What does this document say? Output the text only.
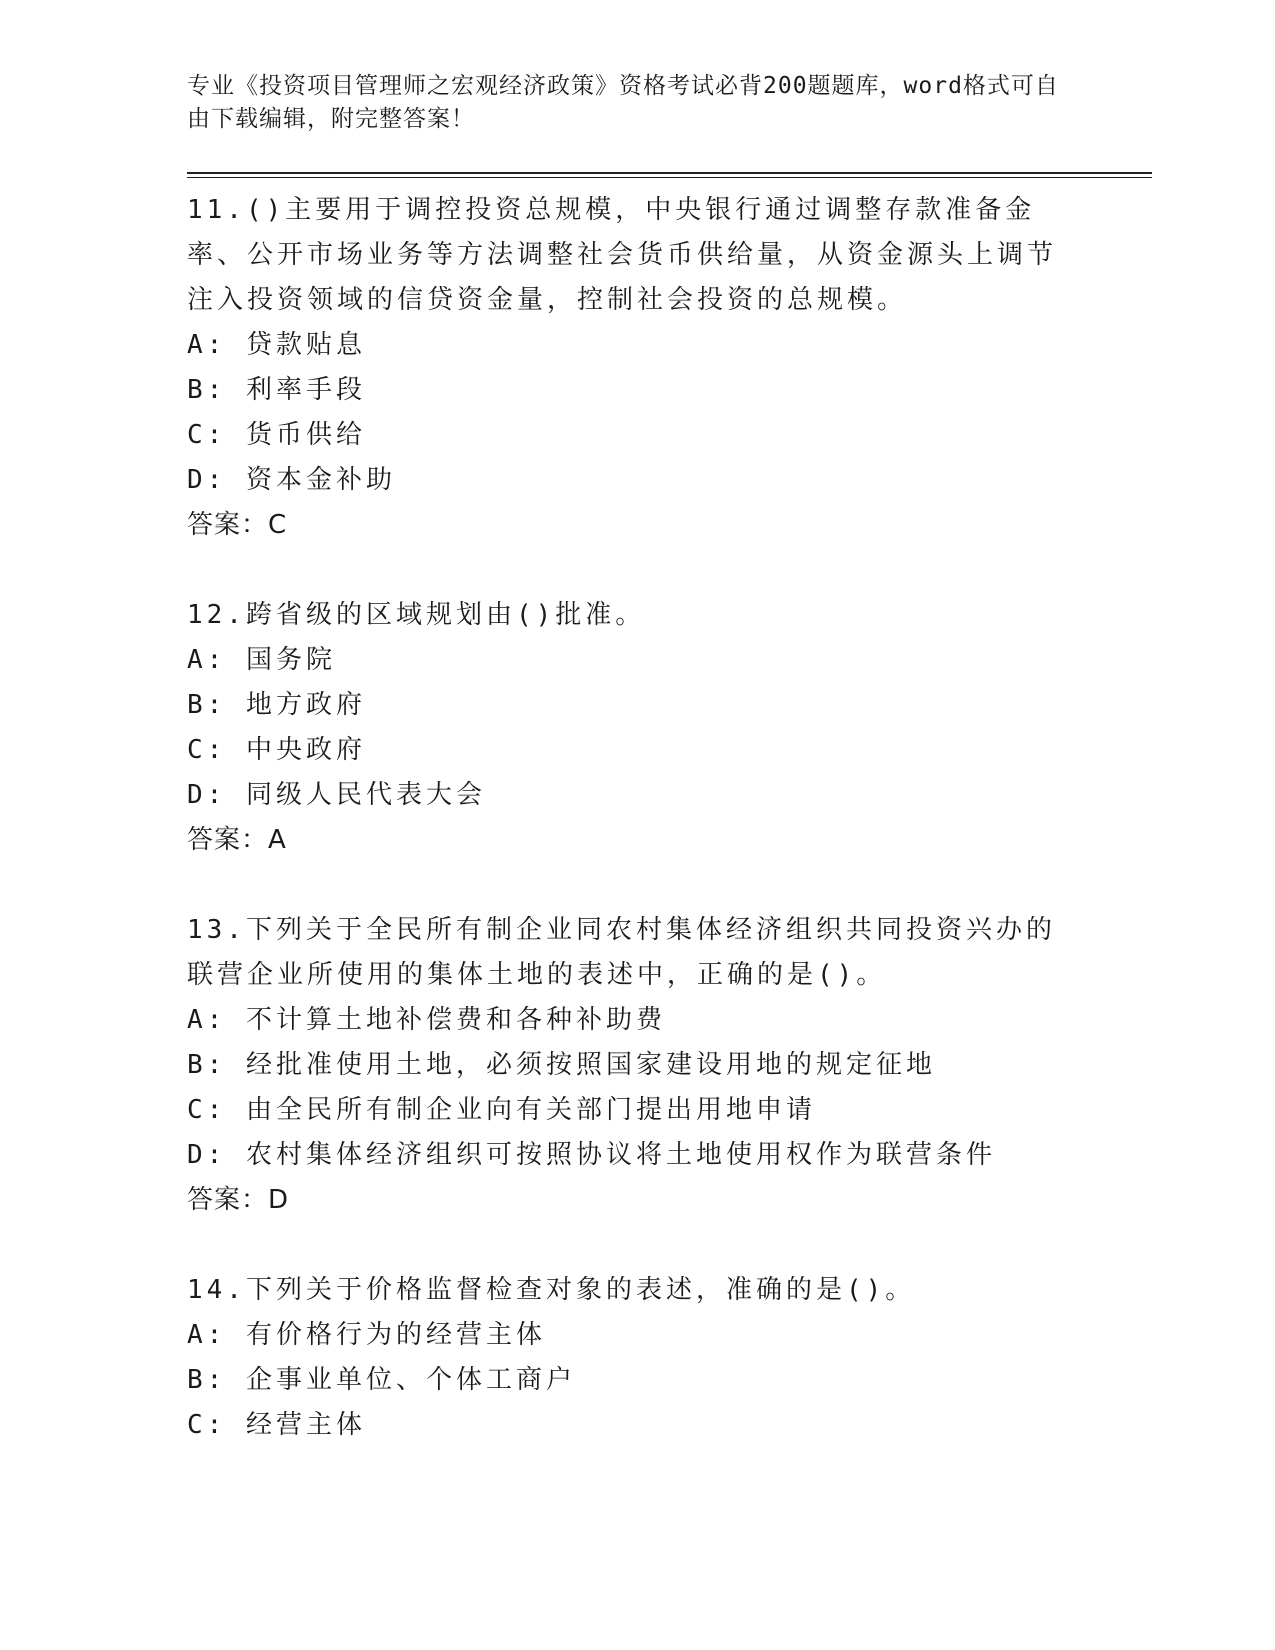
专业《投资项目管理师之宏观经济政策》资格考试必背200题题库，word格式可自由下载编辑，附完整答案！

11.()主要用于调控投资总规模，中央银行通过调整存款准备金率、公开市场业务等方法调整社会货币供给量，从资金源头上调节注入投资领域的信贷资金量，控制社会投资的总规模。

A: 贷款贴息

B: 利率手段

C: 货币供给

D: 资本金补助

答案：C

12.跨省级的区域规划由()批准。

A: 国务院

B: 地方政府

C: 中央政府

D: 同级人民代表大会

答案：A

13.下列关于全民所有制企业同农村集体经济组织共同投资兴办的联营企业所使用的集体土地的表述中，正确的是()。

A: 不计算土地补偿费和各种补助费

B: 经批准使用土地，必须按照国家建设用地的规定征地

C: 由全民所有制企业向有关部门提出用地申请

D: 农村集体经济组织可按照协议将土地使用权作为联营条件

答案：D

14.下列关于价格监督检查对象的表述，准确的是()。

A: 有价格行为的经营主体

B: 企事业单位、个体工商户

C: 经营主体
